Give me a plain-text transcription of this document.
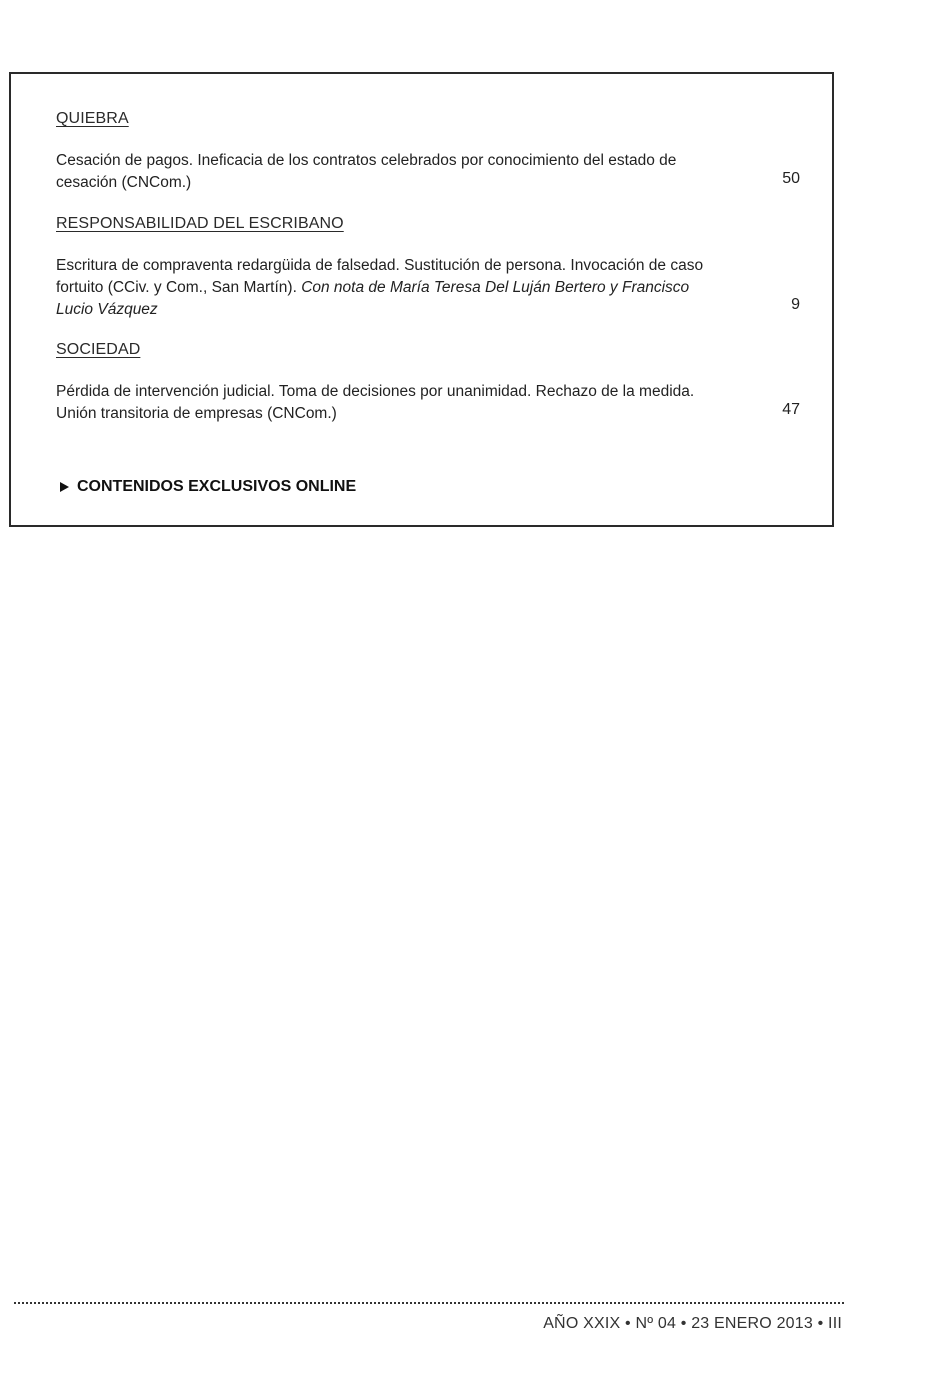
QUIEBRA
Cesación de pagos. Ineficacia de los contratos celebrados por conocimiento del estado de cesación (CNCom.)	50
RESPONSABILIDAD DEL ESCRIBANO
Escritura de compraventa redargüida de falsedad. Sustitución de persona. Invocación de caso fortuito (CCiv. y Com., San Martín). Con nota de María Teresa Del Luján Bertero y Francisco Lucio Vázquez	9
SOCIEDAD
Pérdida de intervención judicial. Toma de decisiones por unanimidad. Rechazo de la medida. Unión transitoria de empresas (CNCom.)	47
CONTENIDOS EXCLUSIVOS ONLINE
AÑO XXIX • Nº 04 • 23 ENERO 2013 • III
